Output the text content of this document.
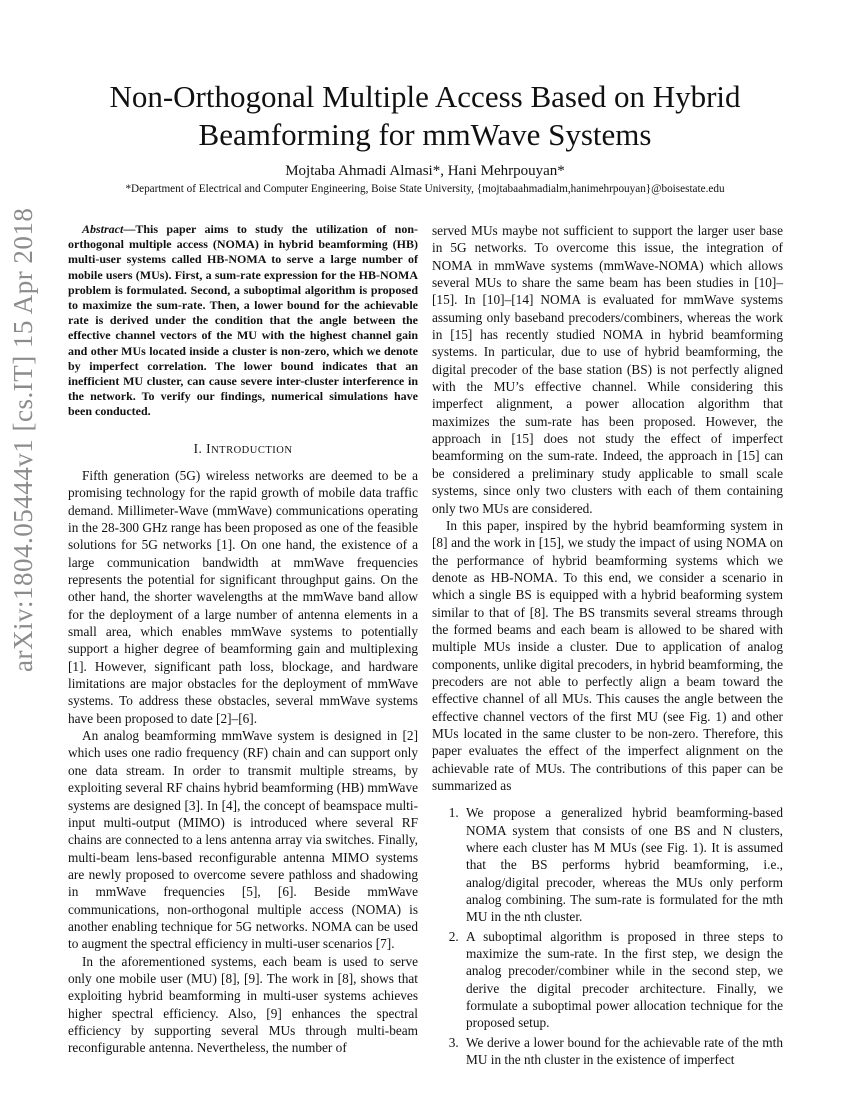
arXiv:1804.05444v1 [cs.IT] 15 Apr 2018
Non-Orthogonal Multiple Access Based on Hybrid
Beamforming for mmWave Systems
Mojtaba Ahmadi Almasi*, Hani Mehrpouyan*
*Department of Electrical and Computer Engineering, Boise State University, {mojtabaahmadialm,hanimehrpouyan}@boisestate.edu

Abstract—This paper aims to study the utilization of non-orthogonal multiple access (NOMA) in hybrid beamforming (HB) multi-user systems called HB-NOMA to serve a large number of mobile users (MUs). First, a sum-rate expression for the HB-NOMA problem is formulated. Second, a suboptimal algorithm is proposed to maximize the sum-rate. Then, a lower bound for the achievable rate is derived under the condition that the angle between the effective channel vectors of the MU with the highest channel gain and other MUs located inside a cluster is non-zero, which we denote by imperfect correlation. The lower bound indicates that an inefficient MU cluster, can cause severe inter-cluster interference in the network. To verify our findings, numerical simulations have been conducted.

I. INTRODUCTION

Fifth generation (5G) wireless networks are deemed to be a promising technology for the rapid growth of mobile data traffic demand. Millimeter-Wave (mmWave) communications operating in the 28-300 GHz range has been proposed as one of the feasible solutions for 5G networks [1]. On one hand, the existence of a large communication bandwidth at mmWave frequencies represents the potential for significant throughput gains. On the other hand, the shorter wavelengths at the mmWave band allow for the deployment of a large number of antenna elements in a small area, which enables mmWave systems to potentially support a higher degree of beamforming gain and multiplexing [1]. However, significant path loss, blockage, and hardware limitations are major obstacles for the deployment of mmWave systems. To address these obstacles, several mmWave systems have been proposed to date [2]–[6].

An analog beamforming mmWave system is designed in [2] which uses one radio frequency (RF) chain and can support only one data stream. In order to transmit multiple streams, by exploiting several RF chains hybrid beamforming (HB) mmWave systems are designed [3]. In [4], the concept of beamspace multi-input multi-output (MIMO) is introduced where several RF chains are connected to a lens antenna array via switches. Finally, multi-beam lens-based reconfigurable antenna MIMO systems are newly proposed to overcome severe pathloss and shadowing in mmWave frequencies [5], [6]. Beside mmWave communications, non-orthogonal multiple access (NOMA) is another enabling technique for 5G networks. NOMA can be used to augment the spectral efficiency in multi-user scenarios [7].

In the aforementioned systems, each beam is used to serve only one mobile user (MU) [8], [9]. The work in [8], shows that exploiting hybrid beamforming in multi-user systems achieves higher spectral efficiency. Also, [9] enhances the spectral efficiency by supporting several MUs through multi-beam reconfigurable antenna. Nevertheless, the number of

served MUs maybe not sufficient to support the larger user base in 5G networks. To overcome this issue, the integration of NOMA in mmWave systems (mmWave-NOMA) which allows several MUs to share the same beam has been studies in [10]–[15]. In [10]–[14] NOMA is evaluated for mmWave systems assuming only baseband precoders/combiners, whereas the work in [15] has recently studied NOMA in hybrid beamforming systems. In particular, due to use of hybrid beamforming, the digital precoder of the base station (BS) is not perfectly aligned with the MU’s effective channel. While considering this imperfect alignment, a power allocation algorithm that maximizes the sum-rate has been proposed. However, the approach in [15] does not study the effect of imperfect beamforming on the sum-rate. Indeed, the approach in [15] can be considered a preliminary study applicable to small scale systems, since only two clusters with each of them containing only two MUs are considered.

In this paper, inspired by the hybrid beamforming system in [8] and the work in [15], we study the impact of using NOMA on the performance of hybrid beamforming systems which we denote as HB-NOMA. To this end, we consider a scenario in which a single BS is equipped with a hybrid beaforming system similar to that of [8]. The BS transmits several streams through the formed beams and each beam is allowed to be shared with multiple MUs inside a cluster. Due to application of analog components, unlike digital precoders, in hybrid beamforming, the precoders are not able to perfectly align a beam toward the effective channel of all MUs. This causes the angle between the effective channel vectors of the first MU (see Fig. 1) and other MUs located in the same cluster to be non-zero. Therefore, this paper evaluates the effect of the imperfect alignment on the achievable rate of MUs. The contributions of this paper can be summarized as

1. We propose a generalized hybrid beamforming-based NOMA system that consists of one BS and N clusters, where each cluster has M MUs (see Fig. 1). It is assumed that the BS performs hybrid beamforming, i.e., analog/digital precoder, whereas the MUs only perform analog combining. The sum-rate is formulated for the mth MU in the nth cluster.
2. A suboptimal algorithm is proposed in three steps to maximize the sum-rate. In the first step, we design the analog precoder/combiner while in the second step, we derive the digital precoder architecture. Finally, we formulate a suboptimal power allocation technique for the proposed setup.
3. We derive a lower bound for the achievable rate of the mth MU in the nth cluster in the existence of imperfect
